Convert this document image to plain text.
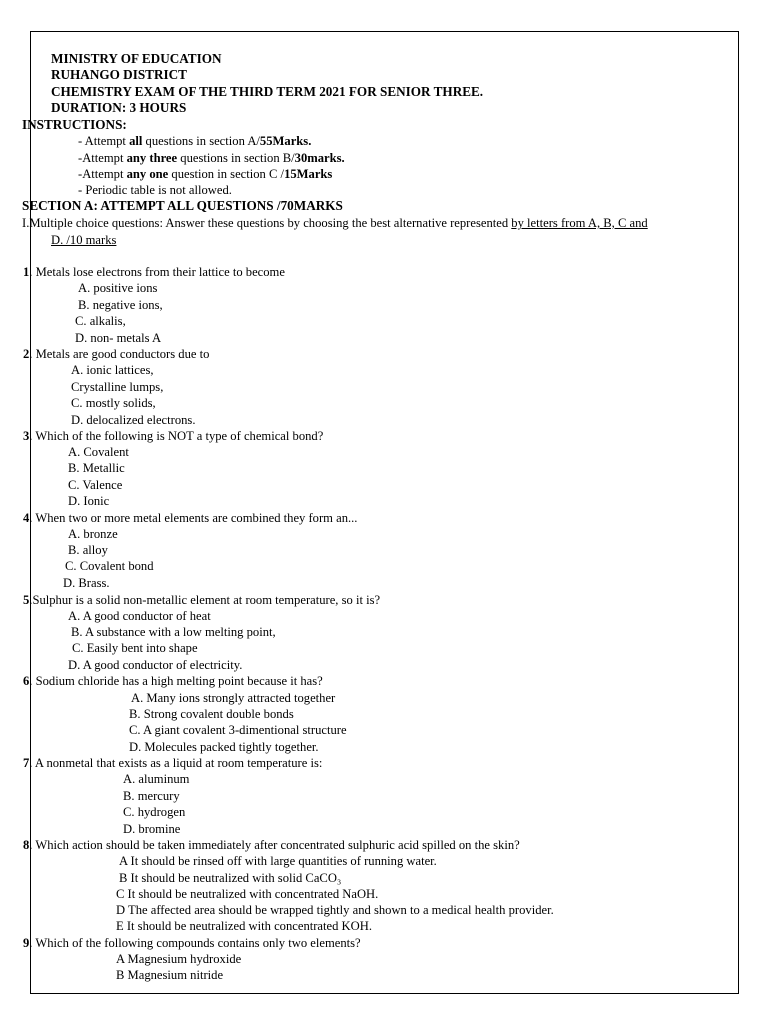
MINISTRY OF EDUCATION
RUHANGO DISTRICT
CHEMISTRY EXAM OF THE THIRD TERM 2021 FOR SENIOR THREE.
DURATION: 3 HOURS
INSTRUCTIONS:
- Attempt all questions in section A/55Marks.
-Attempt any three questions in section B/30marks.
-Attempt any one question in section C /15Marks
- Periodic table is not allowed.
SECTION A: ATTEMPT ALL QUESTIONS /70MARKS
I.Multiple choice questions: Answer these questions by choosing the best alternative represented by letters from A, B, C and
D. /10 marks
1. Metals lose electrons from their lattice to become
A. positive ions
B. negative ions,
C. alkalis,
D. non- metals A
2. Metals are good conductors due to
A. ionic lattices,
Crystalline lumps,
C. mostly solids,
D. delocalized electrons.
3. Which of the following is NOT a type of chemical bond?
A. Covalent
B. Metallic
C. Valence
D. Ionic
4. When two or more metal elements are combined they form an...
A. bronze
B. alloy
C. Covalent bond
D. Brass.
5.Sulphur is a solid non-metallic element at room temperature, so it is?
A. A good conductor of heat
B. A substance with a low melting point,
C. Easily bent into shape
D. A good conductor of electricity.
6. Sodium chloride has a high melting point because it has?
A. Many ions strongly attracted together
B. Strong covalent double bonds
C. A giant covalent 3-dimentional structure
D. Molecules packed tightly together.
7. A nonmetal that exists as a liquid at room temperature is:
A. aluminum
B. mercury
C. hydrogen
D. bromine
8. Which action should be taken immediately after concentrated sulphuric acid spilled on the skin?
A It should be rinsed off with large quantities of running water.
B It should be neutralized with solid CaCO₃
C It should be neutralized with concentrated NaOH.
D The affected area should be wrapped tightly and shown to a medical health provider.
E It should be neutralized with concentrated KOH.
9. Which of the following compounds contains only two elements?
A Magnesium hydroxide
B Magnesium nitride
